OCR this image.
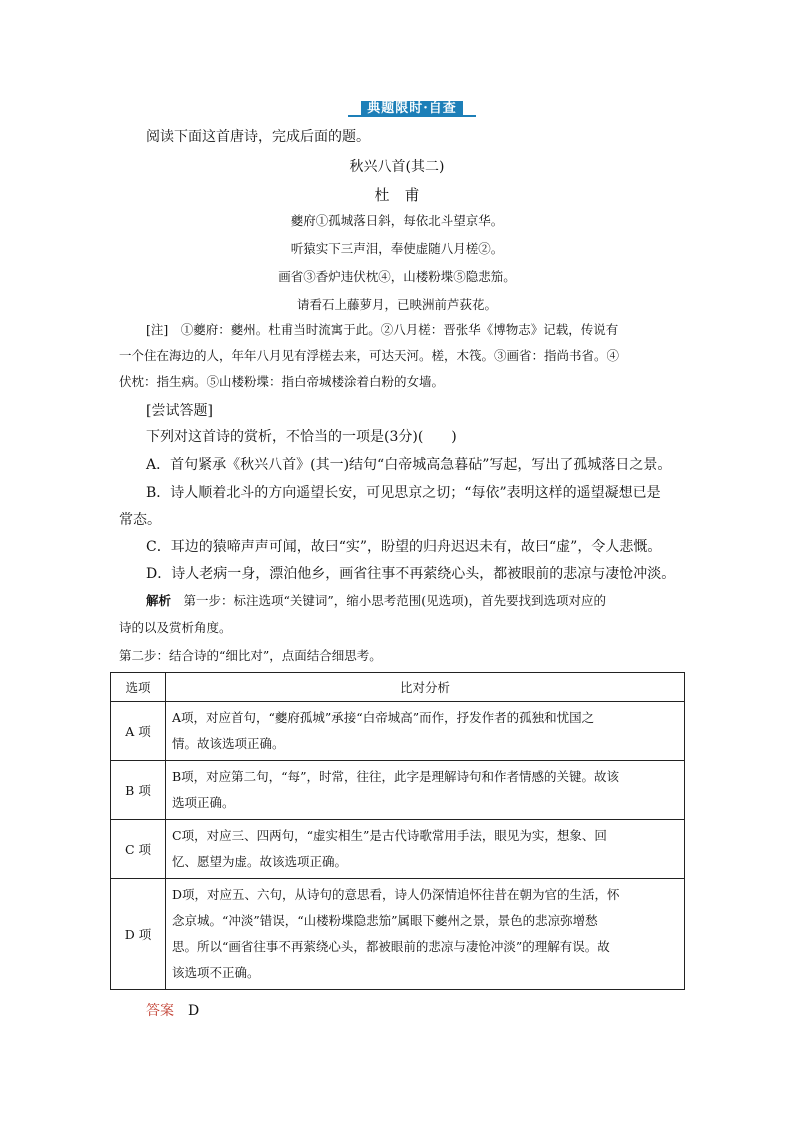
典题限时·自查
阅读下面这首唐诗，完成后面的题。
秋兴八首(其二)
杜　甫
夔府①孤城落日斜，每依北斗望京华。
听猿实下三声泪，奉使虚随八月槎②。
画省③香炉违伏枕④，山楼粉堞⑤隐悲笳。
请看石上藤萝月，已映洲前芦荻花。
[注]　①夔府：夔州。杜甫当时流寓于此。②八月槎：晋张华《博物志》记载，传说有
一个住在海边的人，年年八月见有浮槎去来，可达天河。槎，木筏。③画省：指尚书省。④
伏枕：指生病。⑤山楼粉堞：指白帝城楼涂着白粉的女墙。
[尝试答题]
下列对这首诗的赏析，不恰当的一项是(3分)(　　)
A．首句紧承《秋兴八首》(其一)结句“白帝城高急暮砧”写起，写出了孤城落日之景。
B．诗人顺着北斗的方向遥望长安，可见思京之切；“每依”表明这样的遥望凝想已是
常态。
C．耳边的猿啼声声可闻，故曰“实”，盼望的归舟迟迟未有，故曰“虚”，令人悲慨。
D．诗人老病一身，漂泊他乡，画省往事不再萦绕心头，都被眼前的悲凉与凄怆冲淡。
解析　第一步：标注选项“关键词”，缩小思考范围(见选项)，首先要找到选项对应的
诗的以及赏析角度。
第二步：结合诗的“细比对”，点面结合细思考。
选项	比对分析
A 项	A项，对应首句，“夔府孤城”承接“白帝城高”而作，抒发作者的孤独和忧国之
情。故该选项正确。

B 项	B项，对应第二句，“每”，时常，往往，此字是理解诗句和作者情感的关键。故该
选项正确。

C 项	C项，对应三、四两句，“虚实相生”是古代诗歌常用手法，眼见为实，想象、回
忆、愿望为虚。故该选项正确。

D 项	D项，对应五、六句，从诗句的意思看，诗人仍深情追怀往昔在朝为官的生活，怀
念京城。“冲淡”错误，“山楼粉堞隐悲笳”属眼下夔州之景，景色的悲凉弥增愁
思。所以“画省往事不再萦绕心头，都被眼前的悲凉与凄怆冲淡”的理解有误。故
该选项不正确。
答案　 D
